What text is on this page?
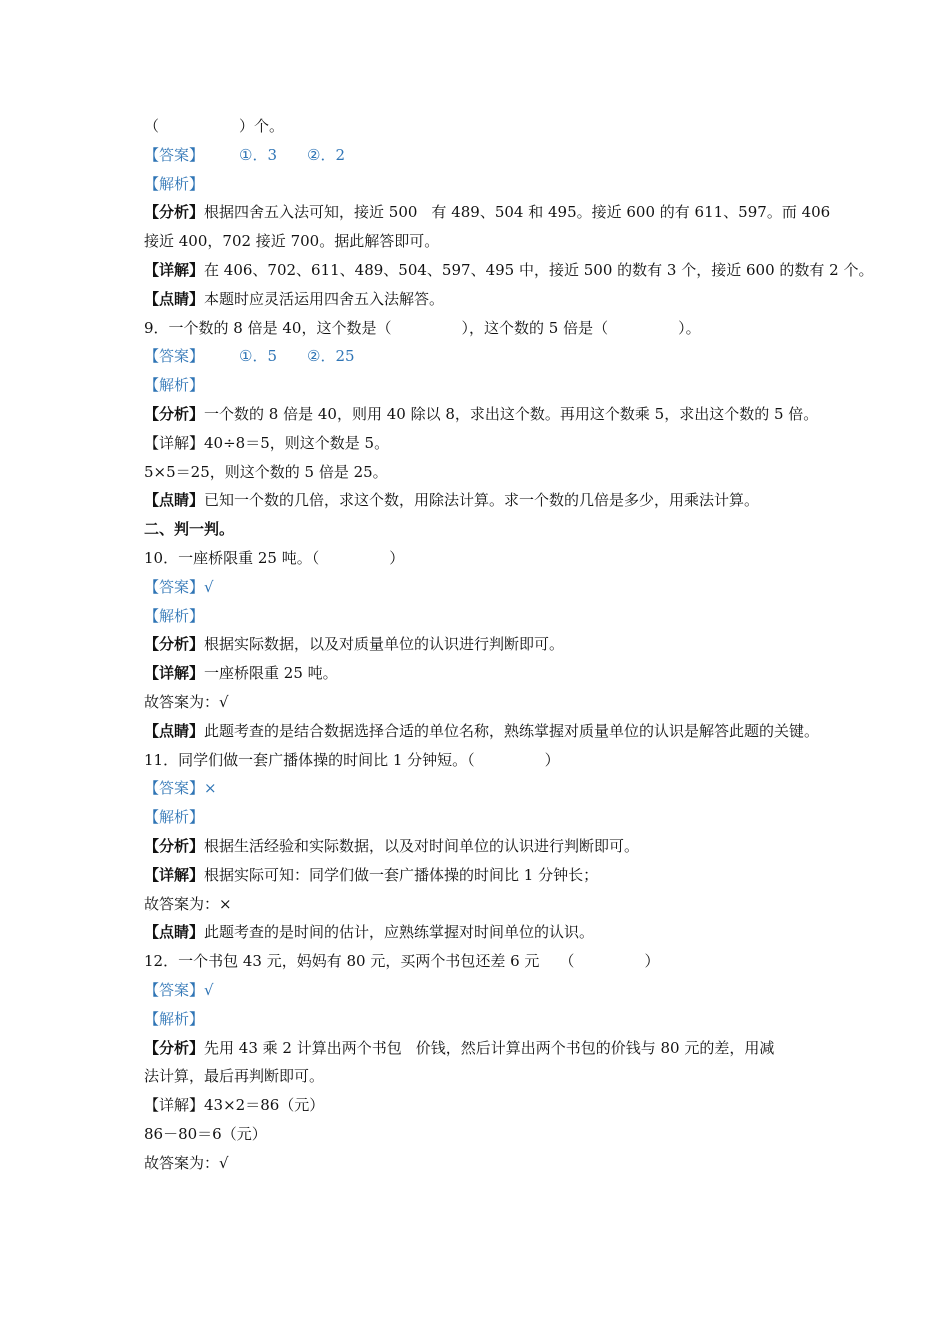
（	）个。
【答案】 ①．3 ②．2
【解析】
【分析】根据四舍五入法可知，接近 500 有 489、504 和 495。接近 600 的有 611、597。而 406
接近 400，702 接近 700。据此解答即可。
【详解】在 406、702、611、489、504、597、495 中，接近 500 的数有 3 个，接近 600 的数有 2 个。
【点睛】本题时应灵活运用四舍五入法解答。
9．一个数的 8 倍是 40，这个数是（	），这个数的 5 倍是（	）。
【答案】 ①．5 ②．25
【解析】
【分析】一个数的 8 倍是 40，则用 40 除以 8，求出这个数。再用这个数乘 5，求出这个数的 5 倍。
【详解】40÷8＝5，则这个数是 5。
5×5＝25，则这个数的 5 倍是 25。
【点睛】已知一个数的几倍，求这个数，用除法计算。求一个数的几倍是多少，用乘法计算。
二、判一判。
10．一座桥限重 25 吨。（	）
【答案】√
【解析】
【分析】根据实际数据，以及对质量单位的认识进行判断即可。
【详解】一座桥限重 25 吨。
故答案为：√
【点睛】此题考查的是结合数据选择合适的单位名称，熟练掌握对质量单位的认识是解答此题的关键。
11．同学们做一套广播体操的时间比 1 分钟短。（	）
【答案】×
【解析】
【分析】根据生活经验和实际数据，以及对时间单位的认识进行判断即可。
【详解】根据实际可知：同学们做一套广播体操的时间比 1 分钟长；
故答案为：×
【点睛】此题考查的是时间的估计，应熟练掌握对时间单位的认识。
12．一个书包 43 元，妈妈有 80 元，买两个书包还差 6 元 （	）
【答案】√
【解析】
【分析】先用 43 乘 2 计算出两个书包 价钱，然后计算出两个书包的价钱与 80 元的差，用减
法计算，最后再判断即可。
【详解】43×2＝86（元）
86－80＝6（元）
故答案为：√
